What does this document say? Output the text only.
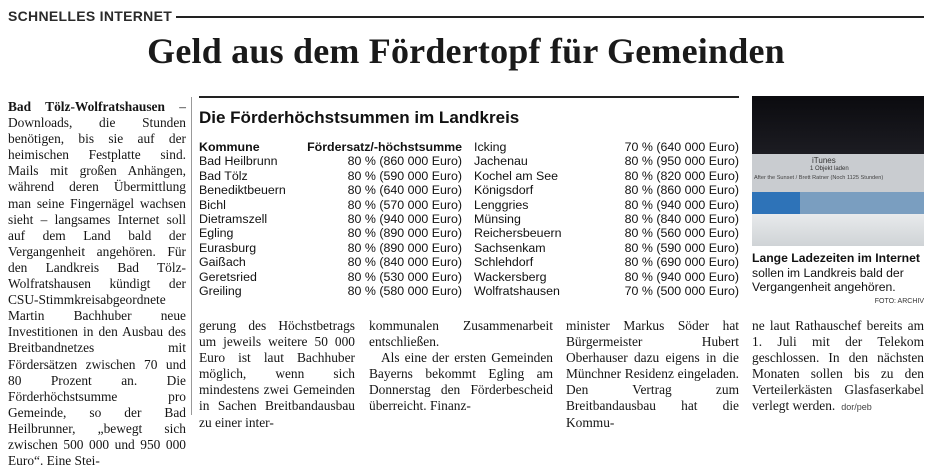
SCHNELLES INTERNET
Geld aus dem Fördertopf für Gemeinden

Bad Tölz-Wolfratshausen – Downloads, die Stunden benötigen, bis sie auf der heimischen Festplatte sind. Mails mit großen Anhängen, während deren Übermittlung man seine Fingernägel wachsen sieht – langsames Internet soll auf dem Land bald der Vergangenheit angehören. Für den Landkreis Bad Tölz-Wolfratshausen kündigt der CSU-Stimmkreisabgeordnete Martin Bachhuber neue Investitionen in den Ausbau des Breitbandnetzes mit Fördersätzen zwischen 70 und 80 Prozent an. Die Förderhöchstsumme pro Gemeinde, so der Bad Heilbrunner, „bewegt sich zwischen 500 000 und 950 000 Euro“. Eine Stei-

Die Förderhöchstsummen im Landkreis
Kommune	Fördersatz/-höchstsumme
Bad Heilbrunn	80 % (860 000 Euro)
Bad Tölz	80 % (590 000 Euro)
Benediktbeuern	80 % (640 000 Euro)
Bichl	80 % (570 000 Euro)
Dietramszell	80 % (940 000 Euro)
Egling	80 % (890 000 Euro)
Eurasburg	80 % (890 000 Euro)
Gaißach	80 % (840 000 Euro)
Geretsried	80 % (530 000 Euro)
Greiling	80 % (580 000 Euro)
Icking	70 % (640 000 Euro)
Jachenau	80 % (950 000 Euro)
Kochel am See	80 % (820 000 Euro)
Königsdorf	80 % (860 000 Euro)
Lenggries	80 % (940 000 Euro)
Münsing	80 % (840 000 Euro)
Reichersbeuern	80 % (560 000 Euro)
Sachsenkam	80 % (590 000 Euro)
Schlehdorf	80 % (690 000 Euro)
Wackersberg	80 % (940 000 Euro)
Wolfratshausen	70 % (500 000 Euro)
iTunes
1 Objekt laden
After the Sunset / Brett Ratner (Noch 1125 Stunden)
Lange Ladezeiten im Internet sollen im Landkreis bald der Vergangenheit angehören.
FOTO: ARCHIV

gerung des Höchstbetrags um jeweils weitere 50 000 Euro ist laut Bachhuber möglich, wenn sich mindestens zwei Gemeinden in Sachen Breitbandausbau zu einer inter-

kommunalen Zusammenarbeit entschließen.

Als eine der ersten Gemeinden Bayerns bekommt Egling am Donnerstag den Förderbescheid überreicht. Finanz-

minister Markus Söder hat Bürgermeister Hubert Oberhauser dazu eigens in die Münchner Residenz eingeladen. Den Vertrag zum Breitbandausbau hat die Kommu-

ne laut Rathauschef bereits am 1. Juli mit der Telekom geschlossen. In den nächsten Monaten sollen bis zu den Verteilerkästen Glasfaserkabel verlegt werden. dor/peb
